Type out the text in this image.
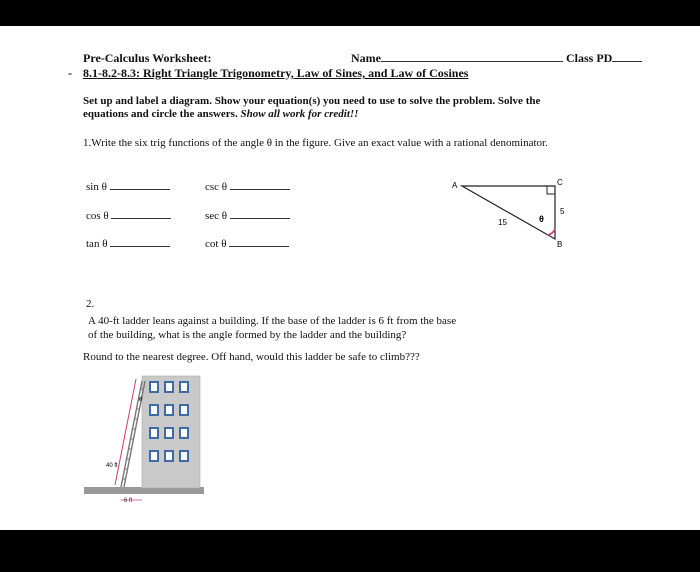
Pre-Calculus Worksheet:	Name	Class PD
- 8.1-8.2-8.3: Right Triangle Trigonometry, Law of Sines, and Law of Cosines
Set up and label a diagram. Show your equation(s) you need to use to solve the problem. Solve the
equations and circle the answers. Show all work for credit!!
1.Write the six trig functions of the angle θ in the figure. Give an exact value with a rational denominator.
sin θ	csc θ
cos θ	sec θ
tan θ	cot θ
A	C
B
15
5
θ
2.
A 40-ft ladder leans against a building. If the base of the ladder is 6 ft from the base
of the building, what is the angle formed by the ladder and the building?
Round to the nearest degree. Off hand, would this ladder be safe to climb???
40 ft
θ
6 ft
